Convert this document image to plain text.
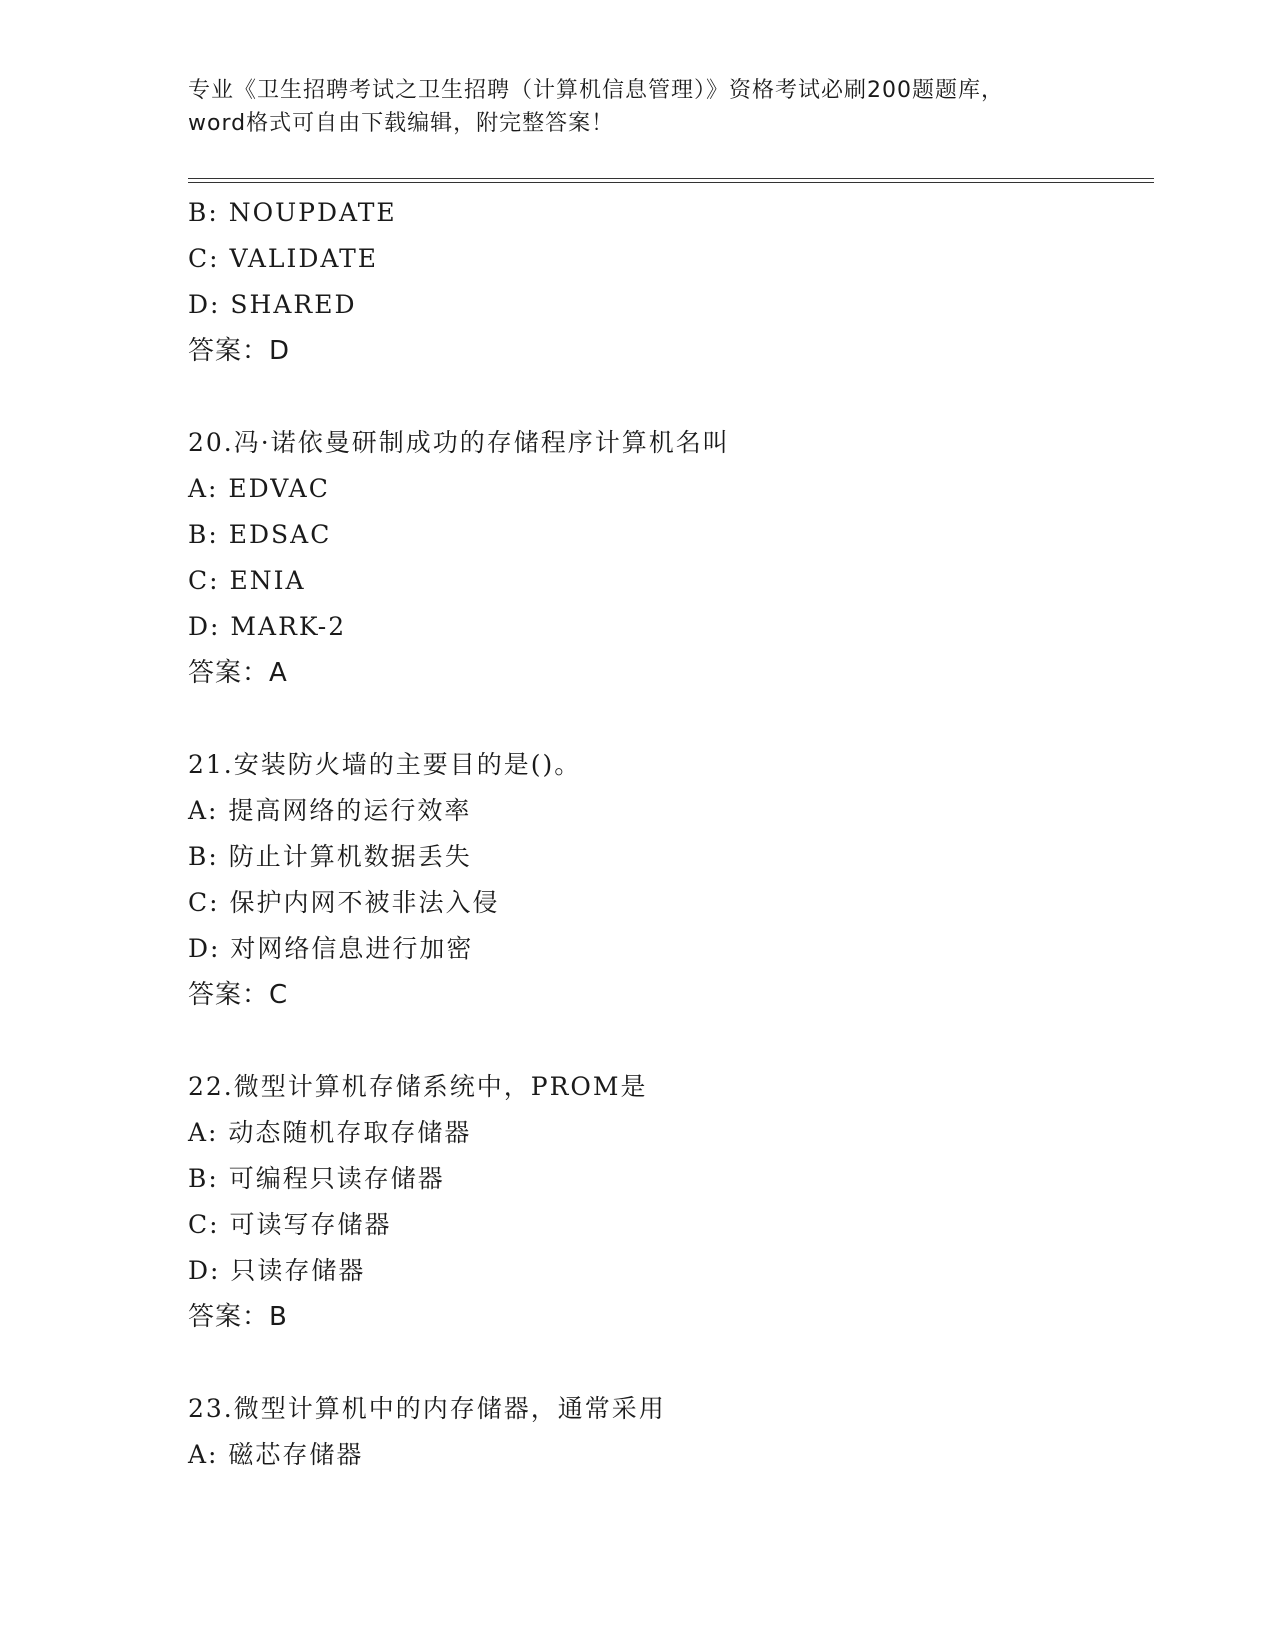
专业《卫生招聘考试之卫生招聘（计算机信息管理）》资格考试必刷200题题库，
word格式可自由下载编辑，附完整答案！
B: NOUPDATE
C: VALIDATE
D: SHARED
答案：D
20.冯·诺依曼研制成功的存储程序计算机名叫
A: EDVAC
B: EDSAC
C: ENIA
D: MARK-2
答案：A
21.安装防火墙的主要目的是()。
A: 提高网络的运行效率
B: 防止计算机数据丢失
C: 保护内网不被非法入侵
D: 对网络信息进行加密
答案：C
22.微型计算机存储系统中，PROM是
A: 动态随机存取存储器
B: 可编程只读存储器
C: 可读写存储器
D: 只读存储器
答案：B
23.微型计算机中的内存储器，通常采用
A: 磁芯存储器
